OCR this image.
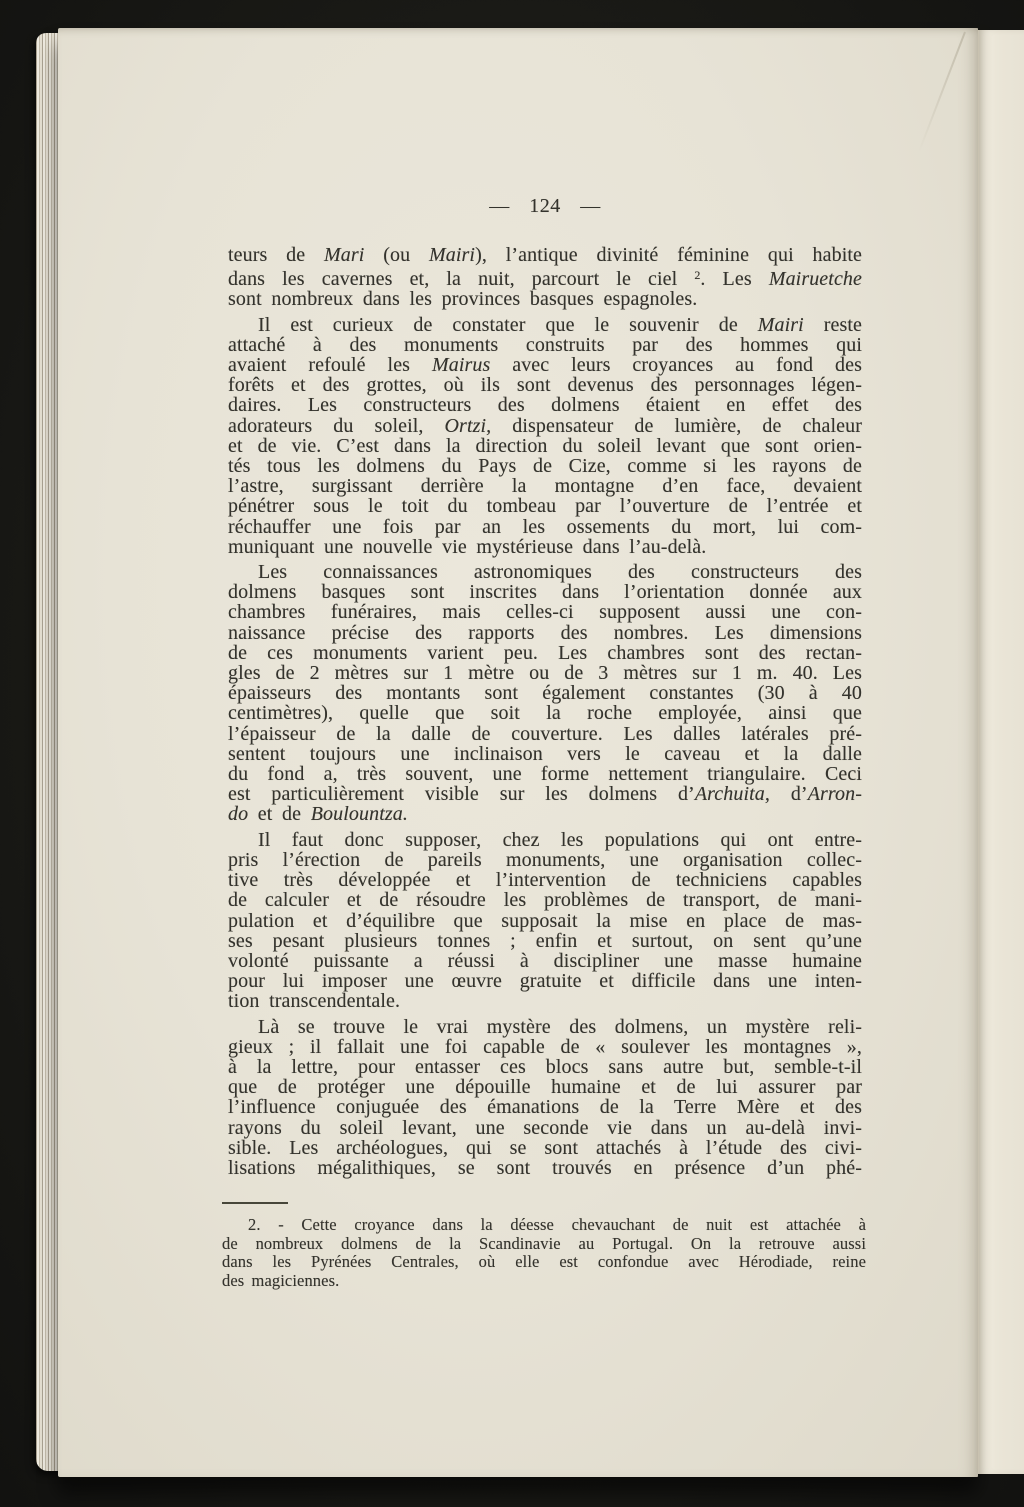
— 124 —
teurs de Mari (ou Mairi), l’antique divinité féminine qui habite
dans les cavernes et, la nuit, parcourt le ciel $^2$. Les Mairuetche
sont nombreux dans les provinces basques espagnoles.
Il est curieux de constater que le souvenir de Mairi reste
attaché à des monuments construits par des hommes qui
avaient refoulé les Mairus avec leurs croyances au fond des
forêts et des grottes, où ils sont devenus des personnages légen-
daires. Les constructeurs des dolmens étaient en effet des
adorateurs du soleil, Ortzi, dispensateur de lumière, de chaleur
et de vie. C’est dans la direction du soleil levant que sont orien-
tés tous les dolmens du Pays de Cize, comme si les rayons de
l’astre, surgissant derrière la montagne d’en face, devaient
pénétrer sous le toit du tombeau par l’ouverture de l’entrée et
réchauffer une fois par an les ossements du mort, lui com-
muniquant une nouvelle vie mystérieuse dans l’au-delà.
Les connaissances astronomiques des constructeurs des
dolmens basques sont inscrites dans l’orientation donnée aux
chambres funéraires, mais celles-ci supposent aussi une con-
naissance précise des rapports des nombres. Les dimensions
de ces monuments varient peu. Les chambres sont des rectan-
gles de 2 mètres sur 1 mètre ou de 3 mètres sur 1 m. 40. Les
épaisseurs des montants sont également constantes (30 à 40
centimètres), quelle que soit la roche employée, ainsi que
l’épaisseur de la dalle de couverture. Les dalles latérales pré-
sentent toujours une inclinaison vers le caveau et la dalle
du fond a, très souvent, une forme nettement triangulaire. Ceci
est particulièrement visible sur les dolmens d’Archuita, d’Arron-
do et de Boulountza.
Il faut donc supposer, chez les populations qui ont entre-
pris l’érection de pareils monuments, une organisation collec-
tive très développée et l’intervention de techniciens capables
de calculer et de résoudre les problèmes de transport, de mani-
pulation et d’équilibre que supposait la mise en place de mas-
ses pesant plusieurs tonnes ; enfin et surtout, on sent qu’une
volonté puissante a réussi à discipliner une masse humaine
pour lui imposer une œuvre gratuite et difficile dans une inten-
tion transcendentale.
Là se trouve le vrai mystère des dolmens, un mystère reli-
gieux ; il fallait une foi capable de « soulever les montagnes »,
à la lettre, pour entasser ces blocs sans autre but, semble-t-il
que de protéger une dépouille humaine et de lui assurer par
l’influence conjuguée des émanations de la Terre Mère et des
rayons du soleil levant, une seconde vie dans un au-delà invi-
sible. Les archéologues, qui se sont attachés à l’étude des civi-
lisations mégalithiques, se sont trouvés en présence d’un phé-
2. - Cette croyance dans la déesse chevauchant de nuit est attachée à
de nombreux dolmens de la Scandinavie au Portugal. On la retrouve aussi
dans les Pyrénées Centrales, où elle est confondue avec Hérodiade, reine
des magiciennes.
